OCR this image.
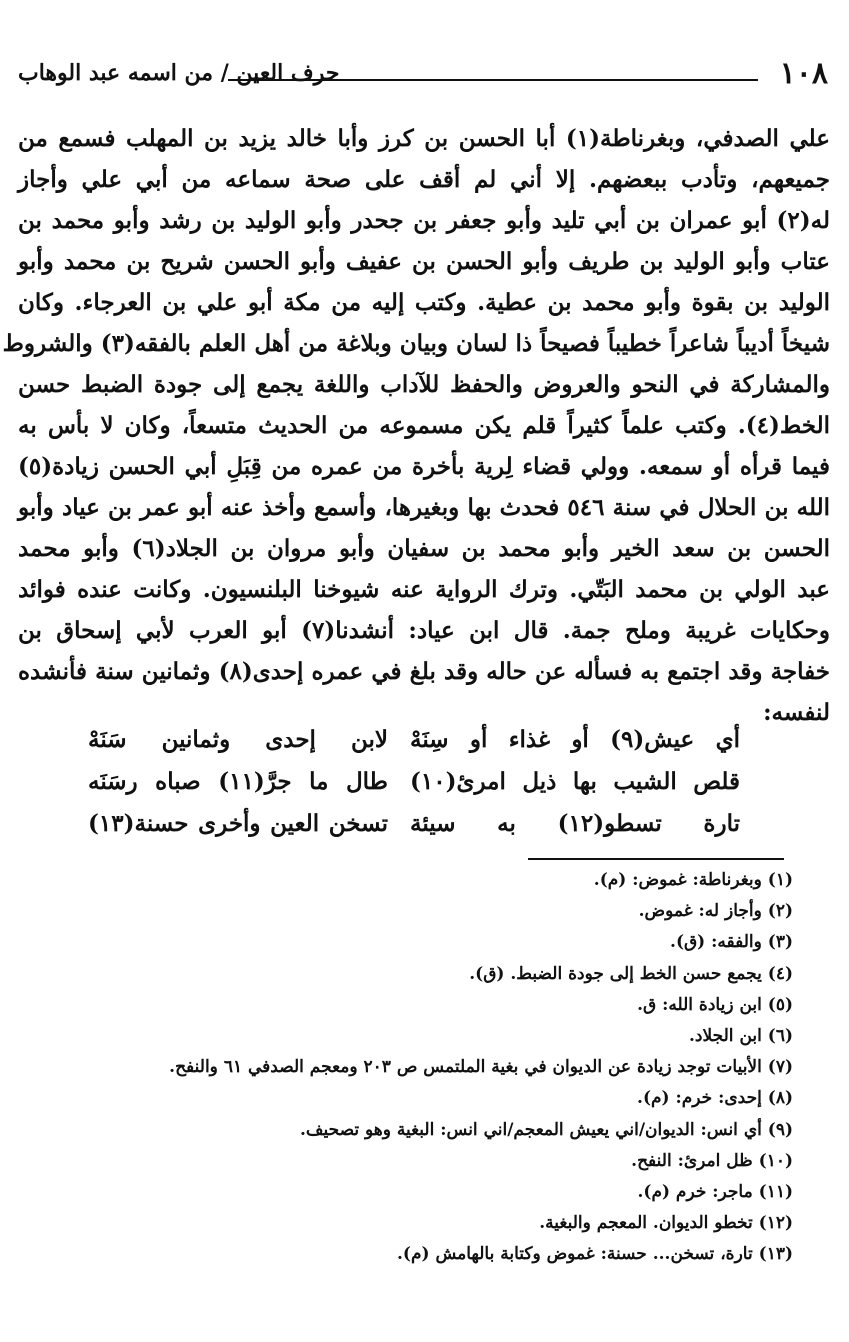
١٠٨
حرف العين / من اسمه عبد الوهاب
علي الصدفي، وبغرناطة(١) أبا الحسن بن كرز وأبا خالد يزيد بن المهلب فسمع من
جميعهم، وتأدب ببعضهم. إلا أني لم أقف على صحة سماعه من أبي علي وأجاز
له(٢) أبو عمران بن أبي تليد وأبو جعفر بن جحدر وأبو الوليد بن رشد وأبو محمد بن
عتاب وأبو الوليد بن طريف وأبو الحسن بن عفيف وأبو الحسن شريح بن محمد وأبو
الوليد بن بقوة وأبو محمد بن عطية. وكتب إليه من مكة أبو علي بن العرجاء. وكان
شيخاً أديباً شاعراً خطيباً فصيحاً ذا لسان وبيان وبلاغة من أهل العلم بالفقه(٣) والشروط
والمشاركة في النحو والعروض والحفظ للآداب واللغة يجمع إلى جودة الضبط حسن
الخط(٤). وكتب علماً كثيراً قلم يكن مسموعه من الحديث متسعاً، وكان لا بأس به
فيما قرأه أو سمعه. وولي قضاء لِرية بأخرة من عمره من قِبَلِ أبي الحسن زيادة(٥)
الله بن الحلال في سنة ٥٤٦ فحدث بها وبغيرها، وأسمع وأخذ عنه أبو عمر بن عياد وأبو
الحسن بن سعد الخير وأبو محمد بن سفيان وأبو مروان بن الجلاد(٦) وأبو محمد
عبد الولي بن محمد البَتّي. وترك الرواية عنه شيوخنا البلنسيون. وكانت عنده فوائد
وحكايات غريبة وملح جمة. قال ابن عياد: أنشدنا(٧) أبو العرب لأبي إسحاق بن
خفاجة وقد اجتمع به فسأله عن حاله وقد بلغ في عمره إحدى(٨) وثمانين سنة فأنشده
لنفسه:
أي عيش(٩) أو غذاء أو سِنَهْ
لابن إحدى وثمانين سَنَهْ
قلص الشيب بها ذيل امرئ(١٠)
طال ما جرَّ(١١) صباه رسَنَه
تارة تسطو(١٢) به سيئة
تسخن العين وأخرى حسنة(١٣)
(١) وبغرناطة: غموض: (م).
(٢) وأجاز له: غموض.
(٣) والفقه: (ق).
(٤) يجمع حسن الخط إلى جودة الضبط. (ق).
(٥) ابن زيادة الله: ق.
(٦) ابن الجلاد.
(٧) الأبيات توجد زيادة عن الديوان في بغية الملتمس ص ٢٠٣ ومعجم الصدفي ٦١ والنفح.
(٨) إحدى: خرم: (م).
(٩) أي انس: الديوان/اني يعيش المعجم/اني انس: البغية وهو تصحيف.
(١٠) ظل امرئ: النفح.
(١١) ماجر: خرم (م).
(١٢) تخطو الديوان. المعجم والبغية.
(١٣) تارة، تسخن... حسنة: غموض وكتابة بالهامش (م).
